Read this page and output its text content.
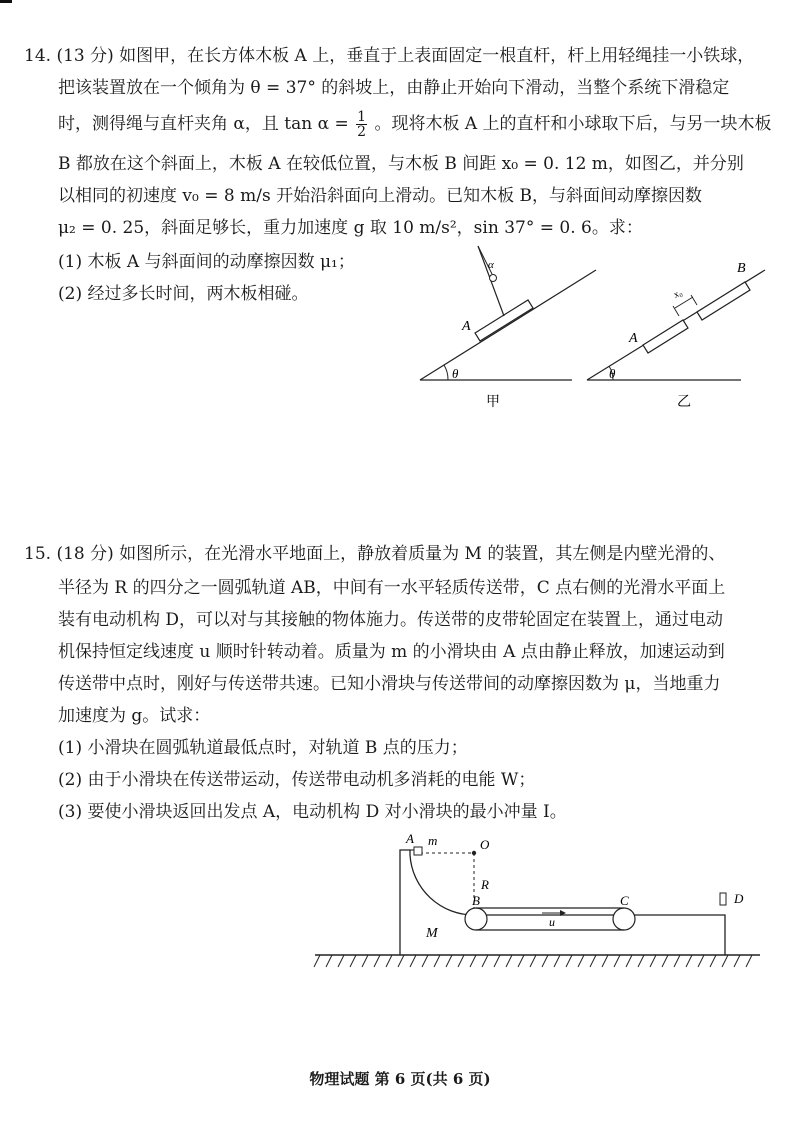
14. (13 分) 如图甲，在长方体木板 A 上，垂直于上表面固定一根直杆，杆上用轻绳挂一小铁球，
把该装置放在一个倾角为 θ = 37° 的斜坡上，由静止开始向下滑动，当整个系统下滑稳定
时，测得绳与直杆夹角 α，且 $\tan \alpha = \frac{1}{2}$ 。现将木板 A 上的直杆和小球取下后，与另一块木板
B 都放在这个斜面上，木板 A 在较低位置，与木板 B 间距 x₀ = 0. 12 m，如图乙，并分别
以相同的初速度 v₀ = 8 m/s 开始沿斜面向上滑动。已知木板 B，与斜面间动摩擦因数
μ₂ = 0. 25，斜面足够长，重力加速度 g 取 10 m/s²，sin 37° = 0. 6。求：
(1) 木板 A 与斜面间的动摩擦因数 μ₁；
(2) 经过多长时间，两木板相碰。
θ
A
α
甲
θ
A
B
x₀
乙
15. (18 分) 如图所示，在光滑水平地面上，静放着质量为 M 的装置，其左侧是内壁光滑的、
半径为 R 的四分之一圆弧轨道 AB，中间有一水平轻质传送带，C 点右侧的光滑水平面上
装有电动机构 D，可以对与其接触的物体施力。传送带的皮带轮固定在装置上，通过电动
机保持恒定线速度 u 顺时针转动着。质量为 m 的小滑块由 A 点由静止释放，加速运动到
传送带中点时，刚好与传送带共速。已知小滑块与传送带间的动摩擦因数为 μ，当地重力
加速度为 g。试求：
(1) 小滑块在圆弧轨道最低点时，对轨道 B 点的压力；
(2) 由于小滑块在传送带运动，传送带电动机多消耗的电能 W；
(3) 要使小滑块返回出发点 A，电动机构 D 对小滑块的最小冲量 I。
A m	O
R
u
B	C	D
M
物理试题 第 6 页(共 6 页)
